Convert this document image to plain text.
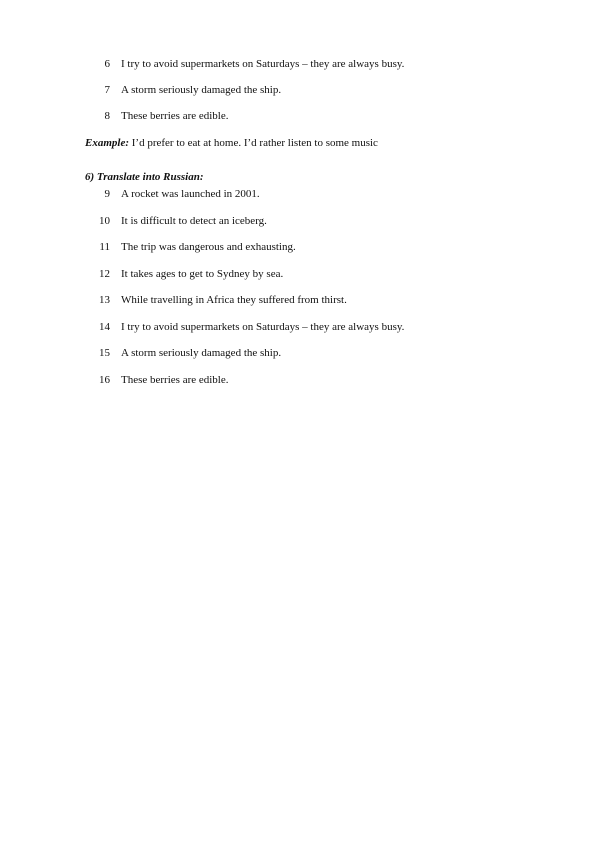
6 I try to avoid supermarkets on Saturdays – they are always busy.
7 A storm seriously damaged the ship.
8 These berries are edible.
Example: I’d prefer to eat at home. I’d rather listen to some music
6) Translate into Russian:
9 A rocket was launched in 2001.
10 It is difficult to detect an iceberg.
11 The trip was dangerous and exhausting.
12 It takes ages to get to Sydney by sea.
13 While travelling in Africa they suffered from thirst.
14 I try to avoid supermarkets on Saturdays – they are always busy.
15 A storm seriously damaged the ship.
16 These berries are edible.
